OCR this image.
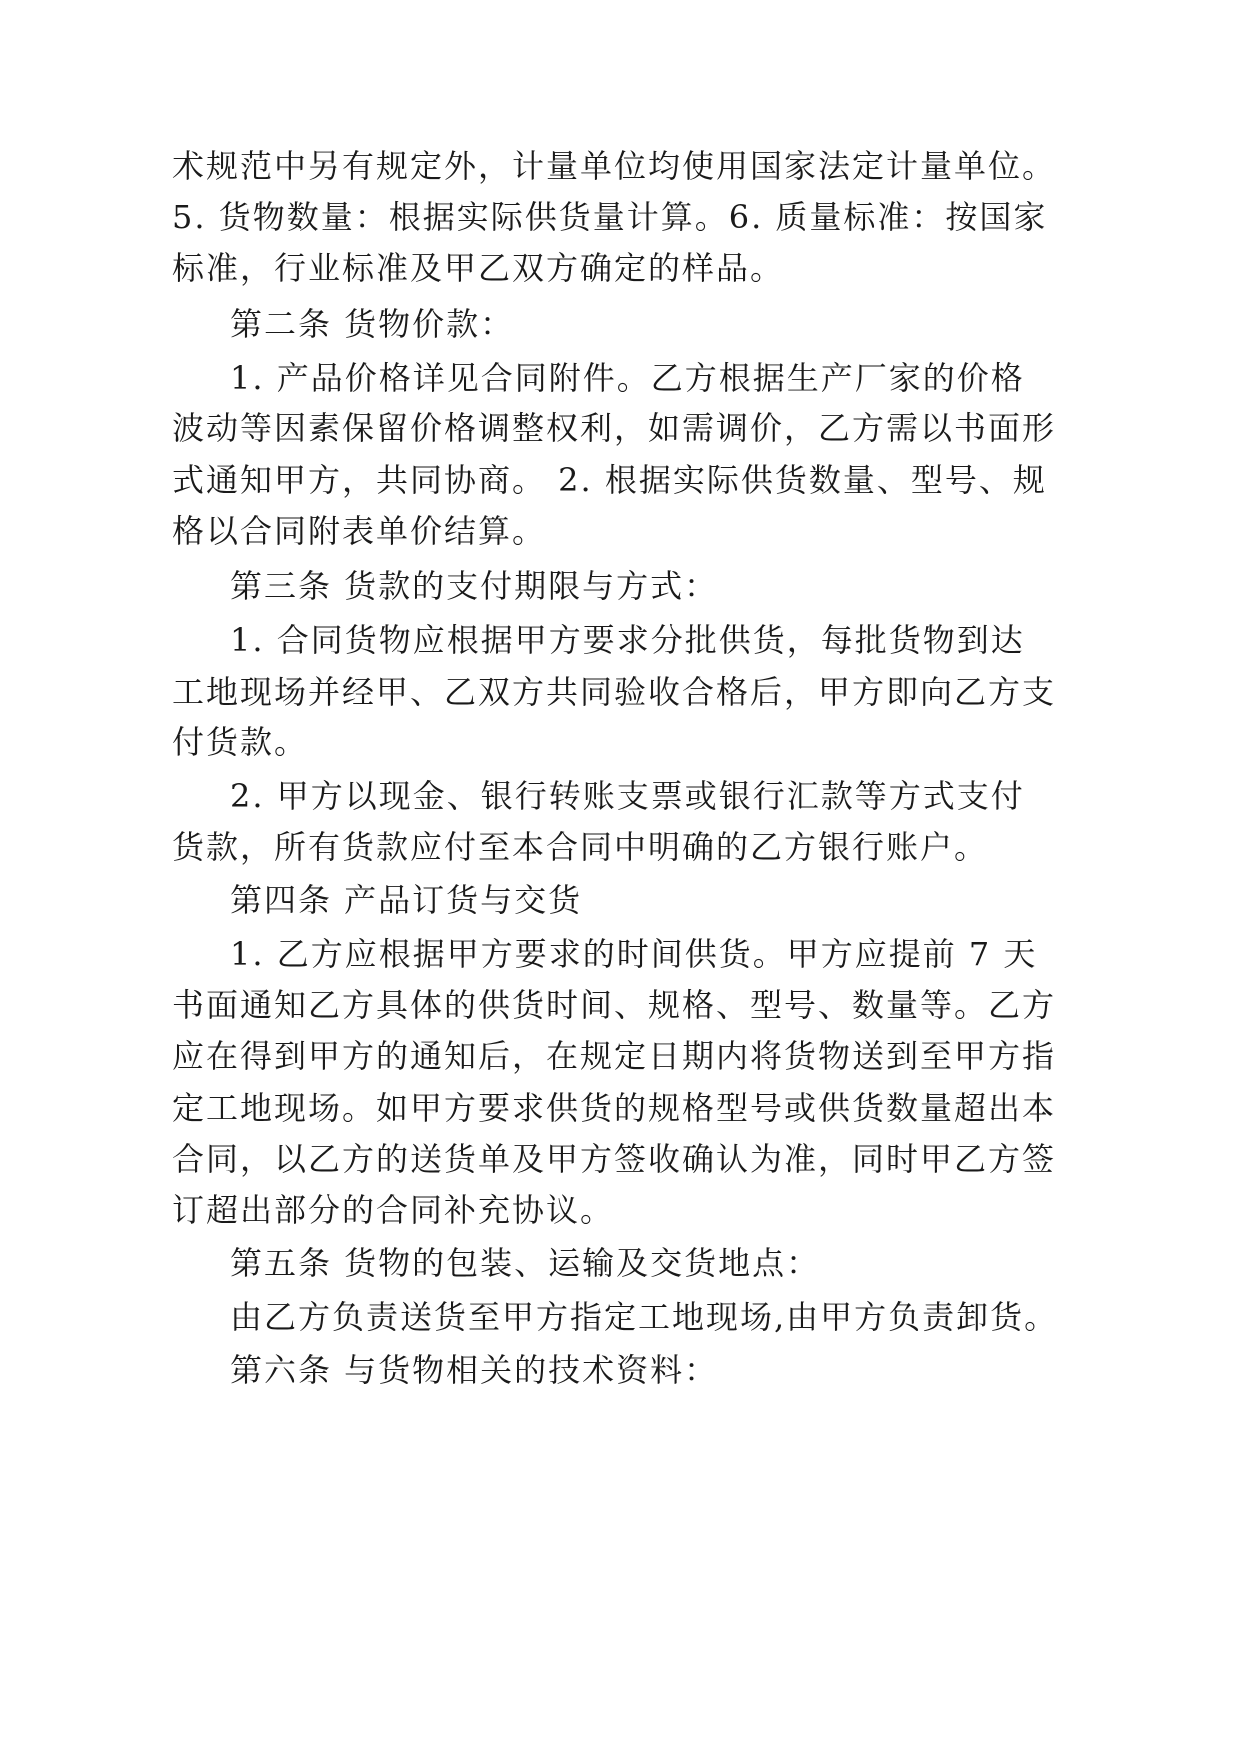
术规范中另有规定外，计量单位均使用国家法定计量单位。

5. 货物数量：根据实际供货量计算。6. 质量标准：按国家

标准，行业标准及甲乙双方确定的样品。

第二条 货物价款：

1. 产品价格详见合同附件。乙方根据生产厂家的价格

波动等因素保留价格调整权利，如需调价，乙方需以书面形

式通知甲方，共同协商。 2. 根据实际供货数量、型号、规

格以合同附表单价结算。

第三条 货款的支付期限与方式：

1. 合同货物应根据甲方要求分批供货，每批货物到达

工地现场并经甲、乙双方共同验收合格后，甲方即向乙方支

付货款。

2. 甲方以现金、银行转账支票或银行汇款等方式支付

货款，所有货款应付至本合同中明确的乙方银行账户。

第四条 产品订货与交货

1. 乙方应根据甲方要求的时间供货。甲方应提前 7 天

书面通知乙方具体的供货时间、规格、型号、数量等。乙方

应在得到甲方的通知后，在规定日期内将货物送到至甲方指

定工地现场。如甲方要求供货的规格型号或供货数量超出本

合同，以乙方的送货单及甲方签收确认为准，同时甲乙方签

订超出部分的合同补充协议。

第五条 货物的包装、运输及交货地点：

由乙方负责送货至甲方指定工地现场,由甲方负责卸货。

第六条 与货物相关的技术资料：
